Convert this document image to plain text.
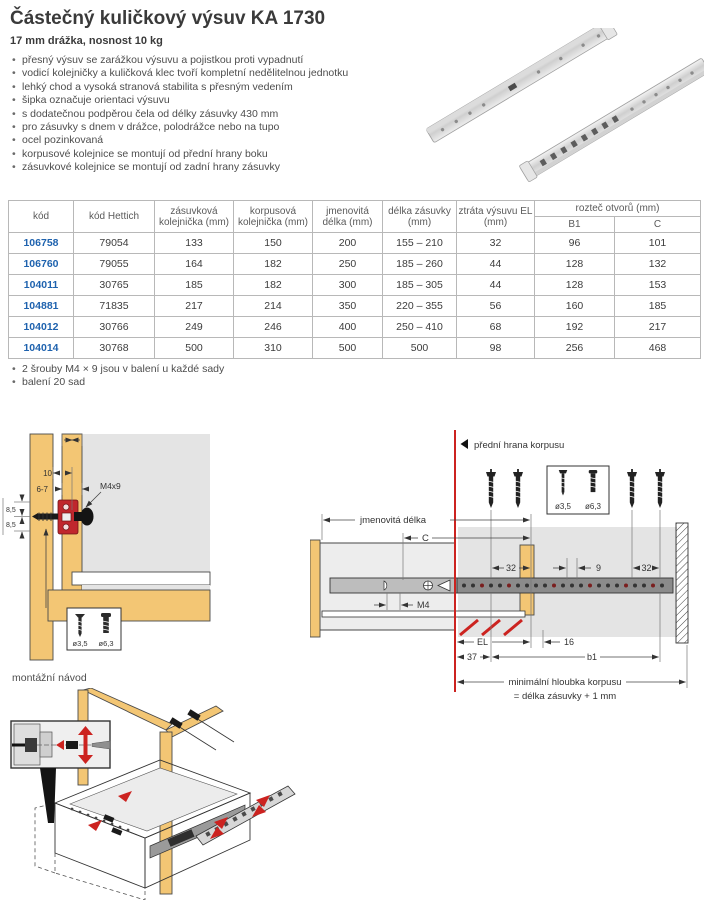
Částečný kuličkový výsuv KA 1730
17 mm drážka, nosnost 10 kg
• přesný výsuv se zarážkou výsuvu a pojistkou proti vypadnutí
• vodicí kolejničky a kuličková klec tvoří kompletní nedělitelnou jednotku
• lehký chod a vysoká stranová stabilita s přesným vedením
• šipka označuje orientaci výsuvu
• s dodatečnou podpěrou čela od délky zásuvky 430 mm
• pro zásuvky s dnem v drážce, polodrážce nebo na tupo
• ocel pozinkovaná
• korpusové kolejnice se montují od přední hrany boku
• zásuvkové kolejnice se montují od zadní hrany zásuvky
kód	kód Hettich	zásuvková kolejnička (mm)	korpusová kolejnička (mm)	jmenovitá délka (mm)	délka zásuvky (mm)	ztráta výsuvu EL (mm)	rozteč otvorů (mm)	
							B1	C
106758	79054	133	150	200	155 – 210	32	96	101
106760	79055	164	182	250	185 – 260	44	128	132
104011	30765	185	182	300	185 – 305	44	128	153
104881	71835	217	214	350	220 – 355	56	160	185
104012	30766	249	246	400	250 – 410	68	192	217
104014	30768	500	310	500	500	98	256	468
• 2 šrouby M4 × 9 jsou v balení u každé sady
• balení 20 sad
10
6-7	M4x9
8,5
8,5
ø3,5 ø6,3
přední hrana korpusu
ø3,5 ø6,3
jmenovitá délka
C
32	9	32
M4
EL	16
37	b1
minimální hloubka korpusu
= délka zásuvky + 1 mm
montážní návod
